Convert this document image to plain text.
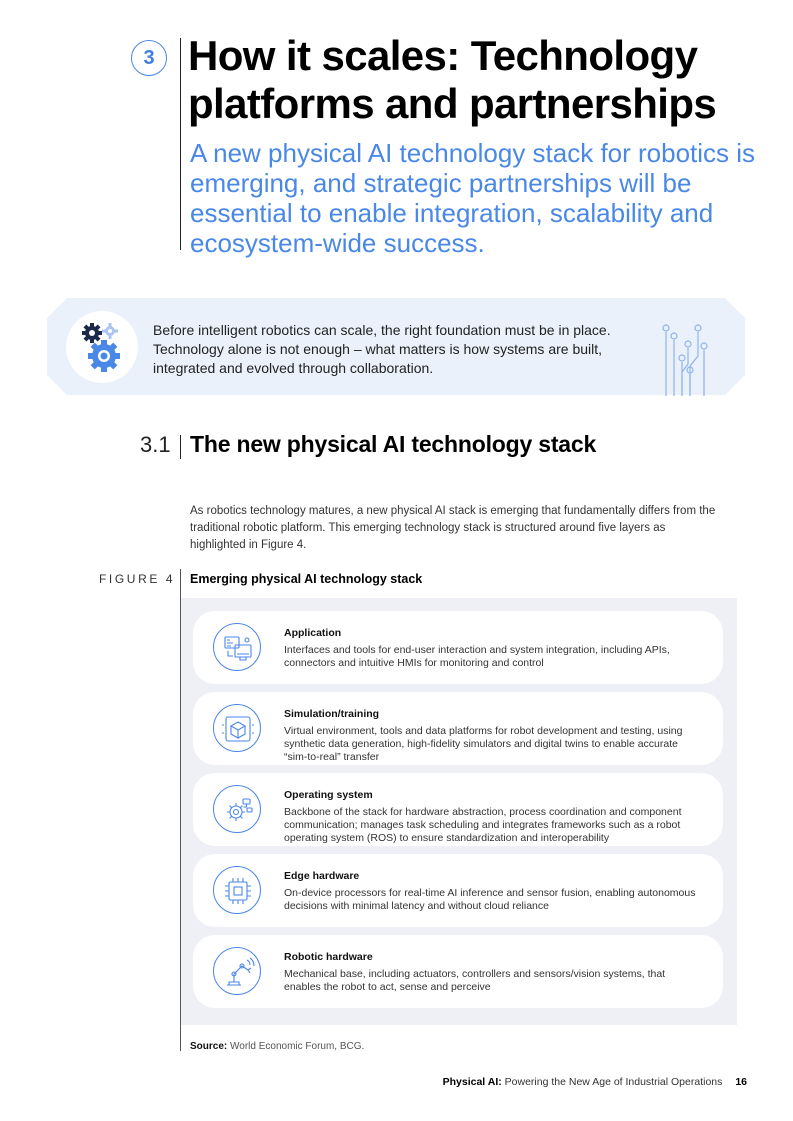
3 How it scales: Technology platforms and partnerships

A new physical AI technology stack for robotics is emerging, and strategic partnerships will be essential to enable integration, scalability and ecosystem-wide success.

Before intelligent robotics can scale, the right foundation must be in place. Technology alone is not enough – what matters is how systems are built, integrated and evolved through collaboration.

3.1 The new physical AI technology stack

As robotics technology matures, a new physical AI stack is emerging that fundamentally differs from the traditional robotic platform. This emerging technology stack is structured around five layers as highlighted in Figure 4.

FIGURE 4 Emerging physical AI technology stack
Application
Interfaces and tools for end-user interaction and system integration, including APIs, connectors and intuitive HMIs for monitoring and control
Simulation/training
Virtual environment, tools and data platforms for robot development and testing, using synthetic data generation, high-fidelity simulators and digital twins to enable accurate “sim-to-real” transfer
Operating system
Backbone of the stack for hardware abstraction, process coordination and component communication; manages task scheduling and integrates frameworks such as a robot operating system (ROS) to ensure standardization and interoperability
Edge hardware
On-device processors for real-time AI inference and sensor fusion, enabling autonomous decisions with minimal latency and without cloud reliance
Robotic hardware
Mechanical base, including actuators, controllers and sensors/vision systems, that enables the robot to act, sense and perceive
Source: World Economic Forum, BCG.
Physical AI: Powering the New Age of Industrial Operations 16
